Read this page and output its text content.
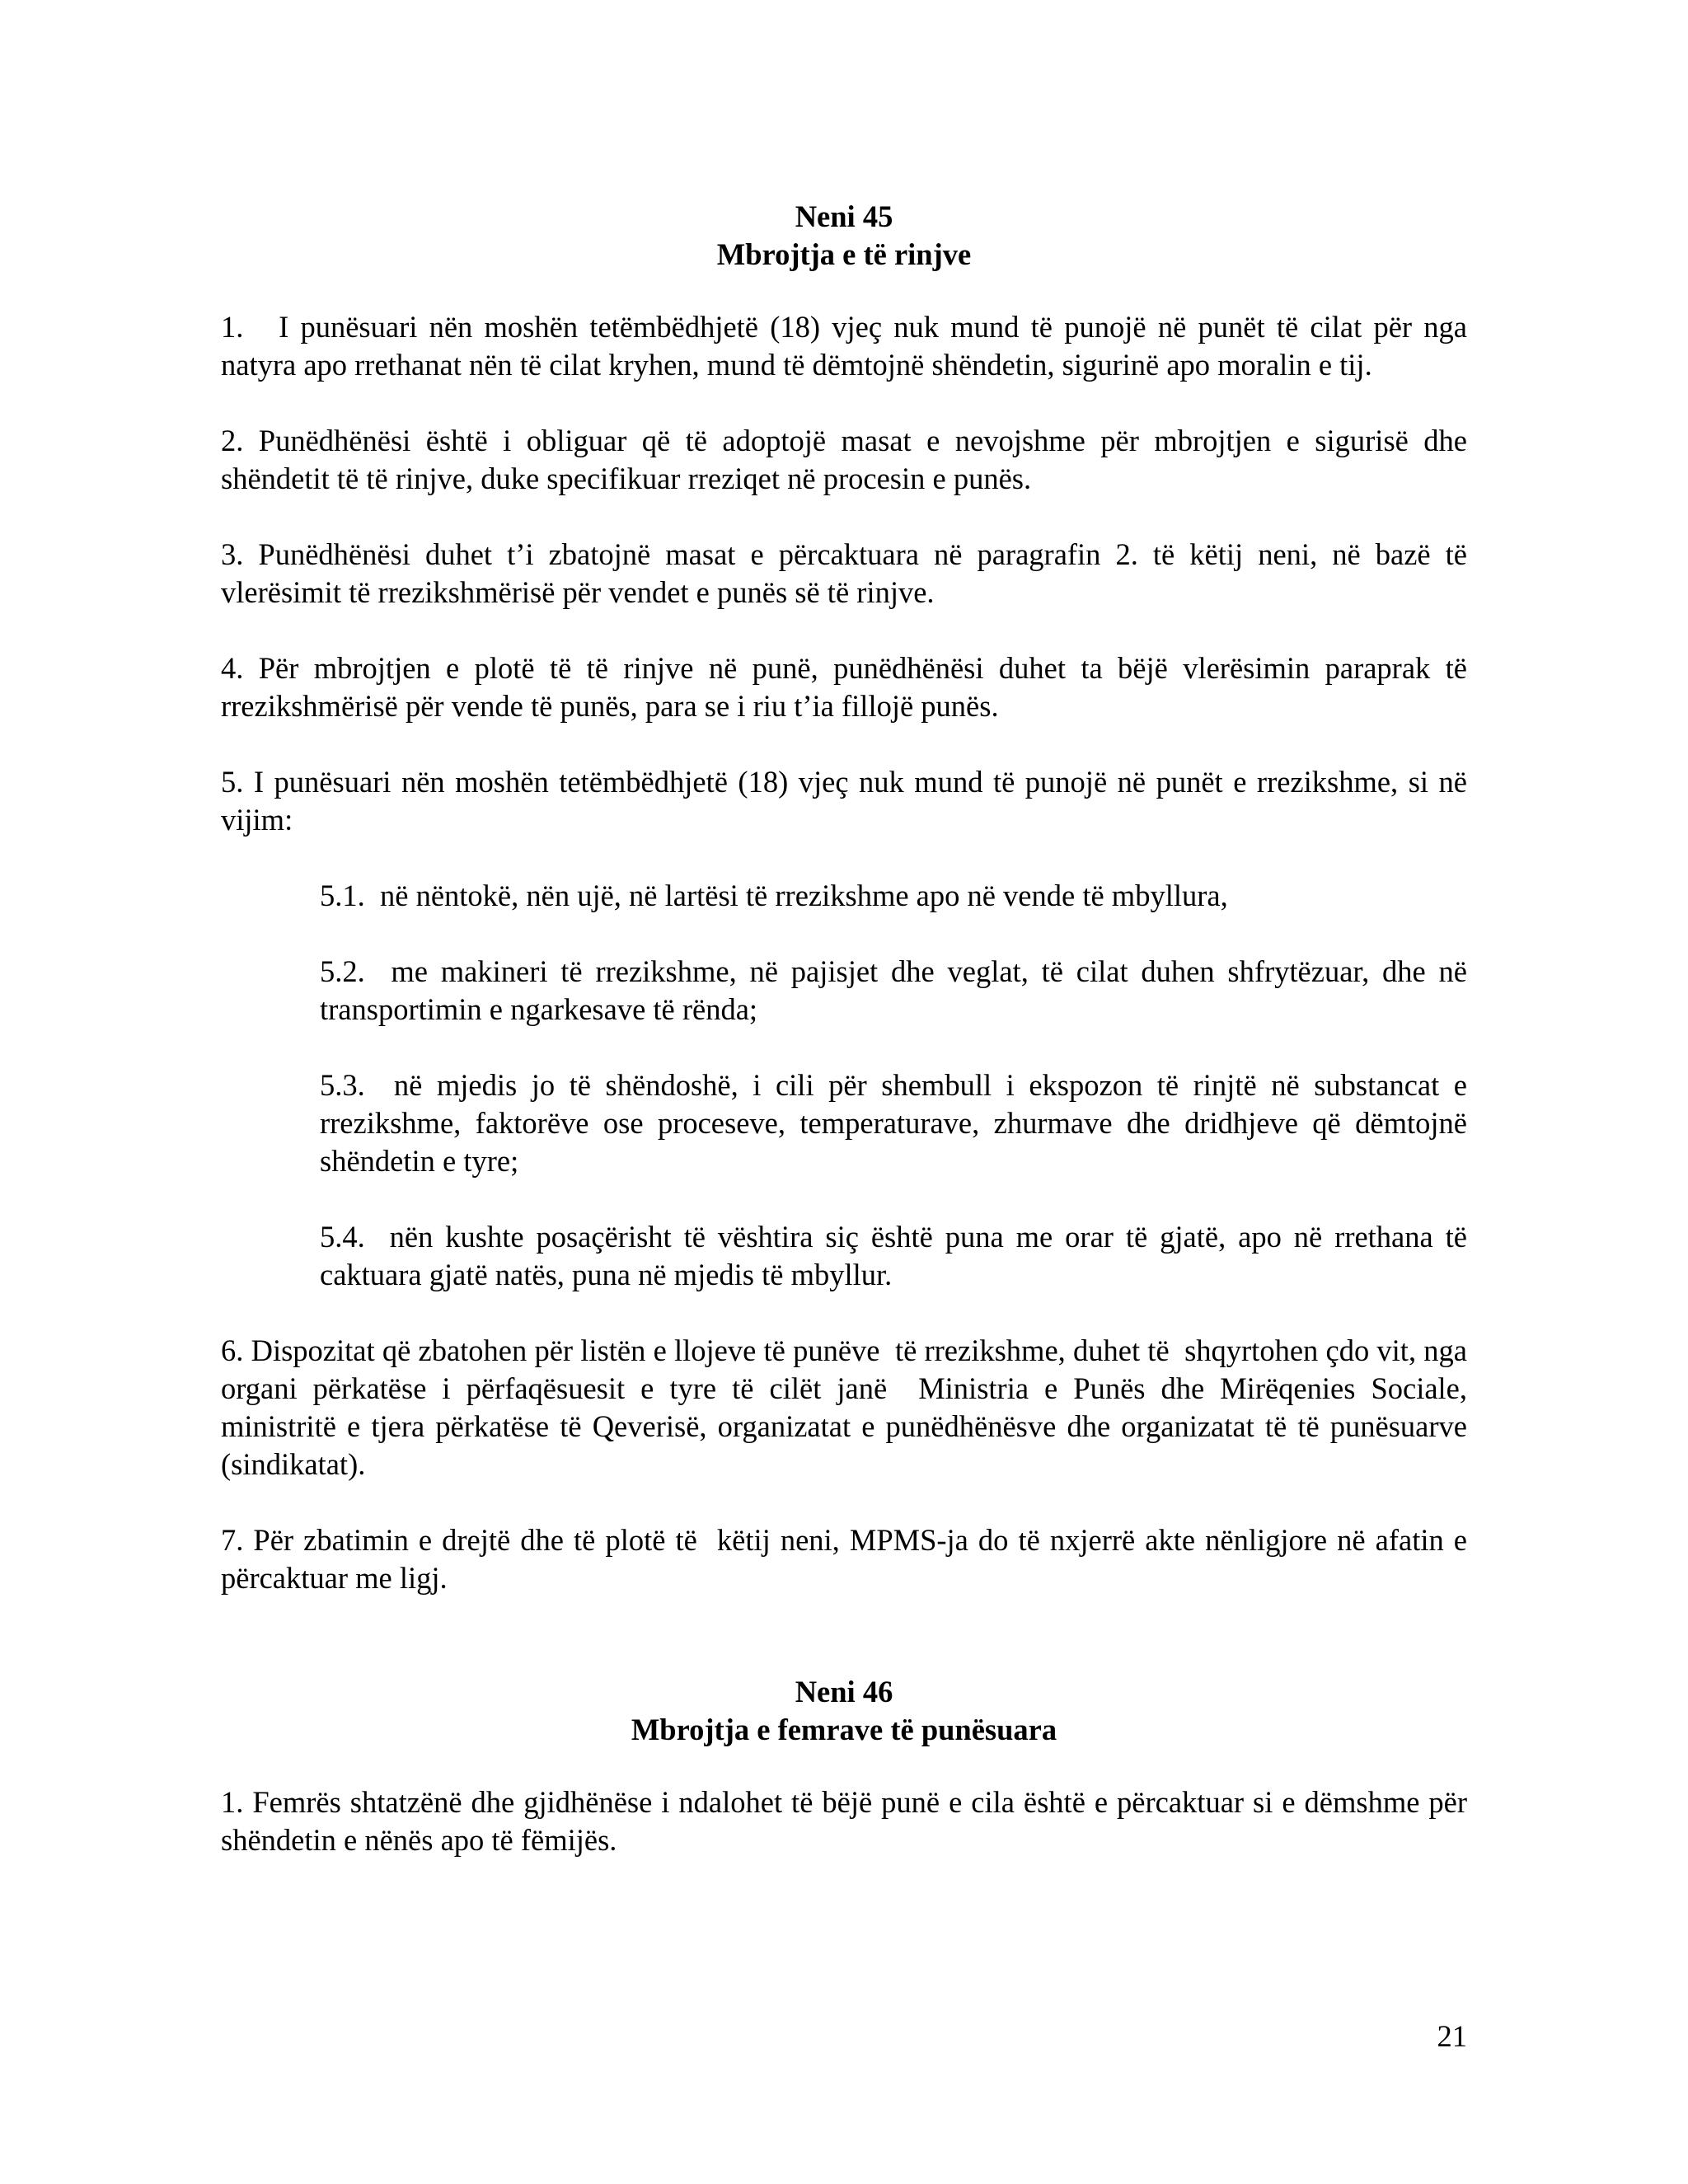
Neni 45
Mbrojtja e të rinjve

1.   I punësuari nën moshën tetëmbëdhjetë (18) vjeç nuk mund të punojë në punët të cilat për nga natyra apo rrethanat nën të cilat kryhen, mund të dëmtojnë shëndetin, sigurinë apo moralin e tij.

2. Punëdhënësi është i obliguar që të adoptojë masat e nevojshme për mbrojtjen e sigurisë dhe shëndetit të të rinjve, duke specifikuar rreziqet në procesin e punës.

3. Punëdhënësi duhet t’i zbatojnë masat e përcaktuara në paragrafin 2. të këtij neni, në bazë të vlerësimit të rrezikshmërisë për vendet e punës së të rinjve.

4. Për mbrojtjen e plotë të të rinjve në punë, punëdhënësi duhet ta bëjë vlerësimin paraprak të rrezikshmërisë për vende të punës, para se i riu t’ia fillojë punës.

5. I punësuari nën moshën tetëmbëdhjetë (18) vjeç nuk mund të punojë në punët e rrezikshme, si në vijim:

5.1.  në nëntokë, nën ujë, në lartësi të rrezikshme apo në vende të mbyllura,

5.2.  me makineri të rrezikshme, në pajisjet dhe veglat, të cilat duhen shfrytëzuar, dhe në transportimin e ngarkesave të rënda;

5.3.  në mjedis jo të shëndoshë, i cili për shembull i ekspozon të rinjtë në substancat e rrezikshme, faktorëve ose proceseve, temperaturave, zhurmave dhe dridhjeve që dëmtojnë shëndetin e tyre;

5.4.  nën kushte posaçërisht të vështira siç është puna me orar të gjatë, apo në rrethana të caktuara gjatë natës, puna në mjedis të mbyllur.

6. Dispozitat që zbatohen për listën e llojeve të punëve  të rrezikshme, duhet të  shqyrtohen çdo vit, nga organi përkatëse i përfaqësuesit e tyre të cilët janë  Ministria e Punës dhe Mirëqenies Sociale, ministritë e tjera përkatëse të Qeverisë, organizatat e punëdhënësve dhe organizatat të të punësuarve (sindikatat).

7. Për zbatimin e drejtë dhe të plotë të  këtij neni, MPMS-ja do të nxjerrë akte nënligjore në afatin e përcaktuar me ligj.

Neni 46
Mbrojtja e femrave të punësuara

1. Femrës shtatzënë dhe gjidhënëse i ndalohet të bëjë punë e cila është e përcaktuar si e dëmshme për shëndetin e nënës apo të fëmijës.

21
